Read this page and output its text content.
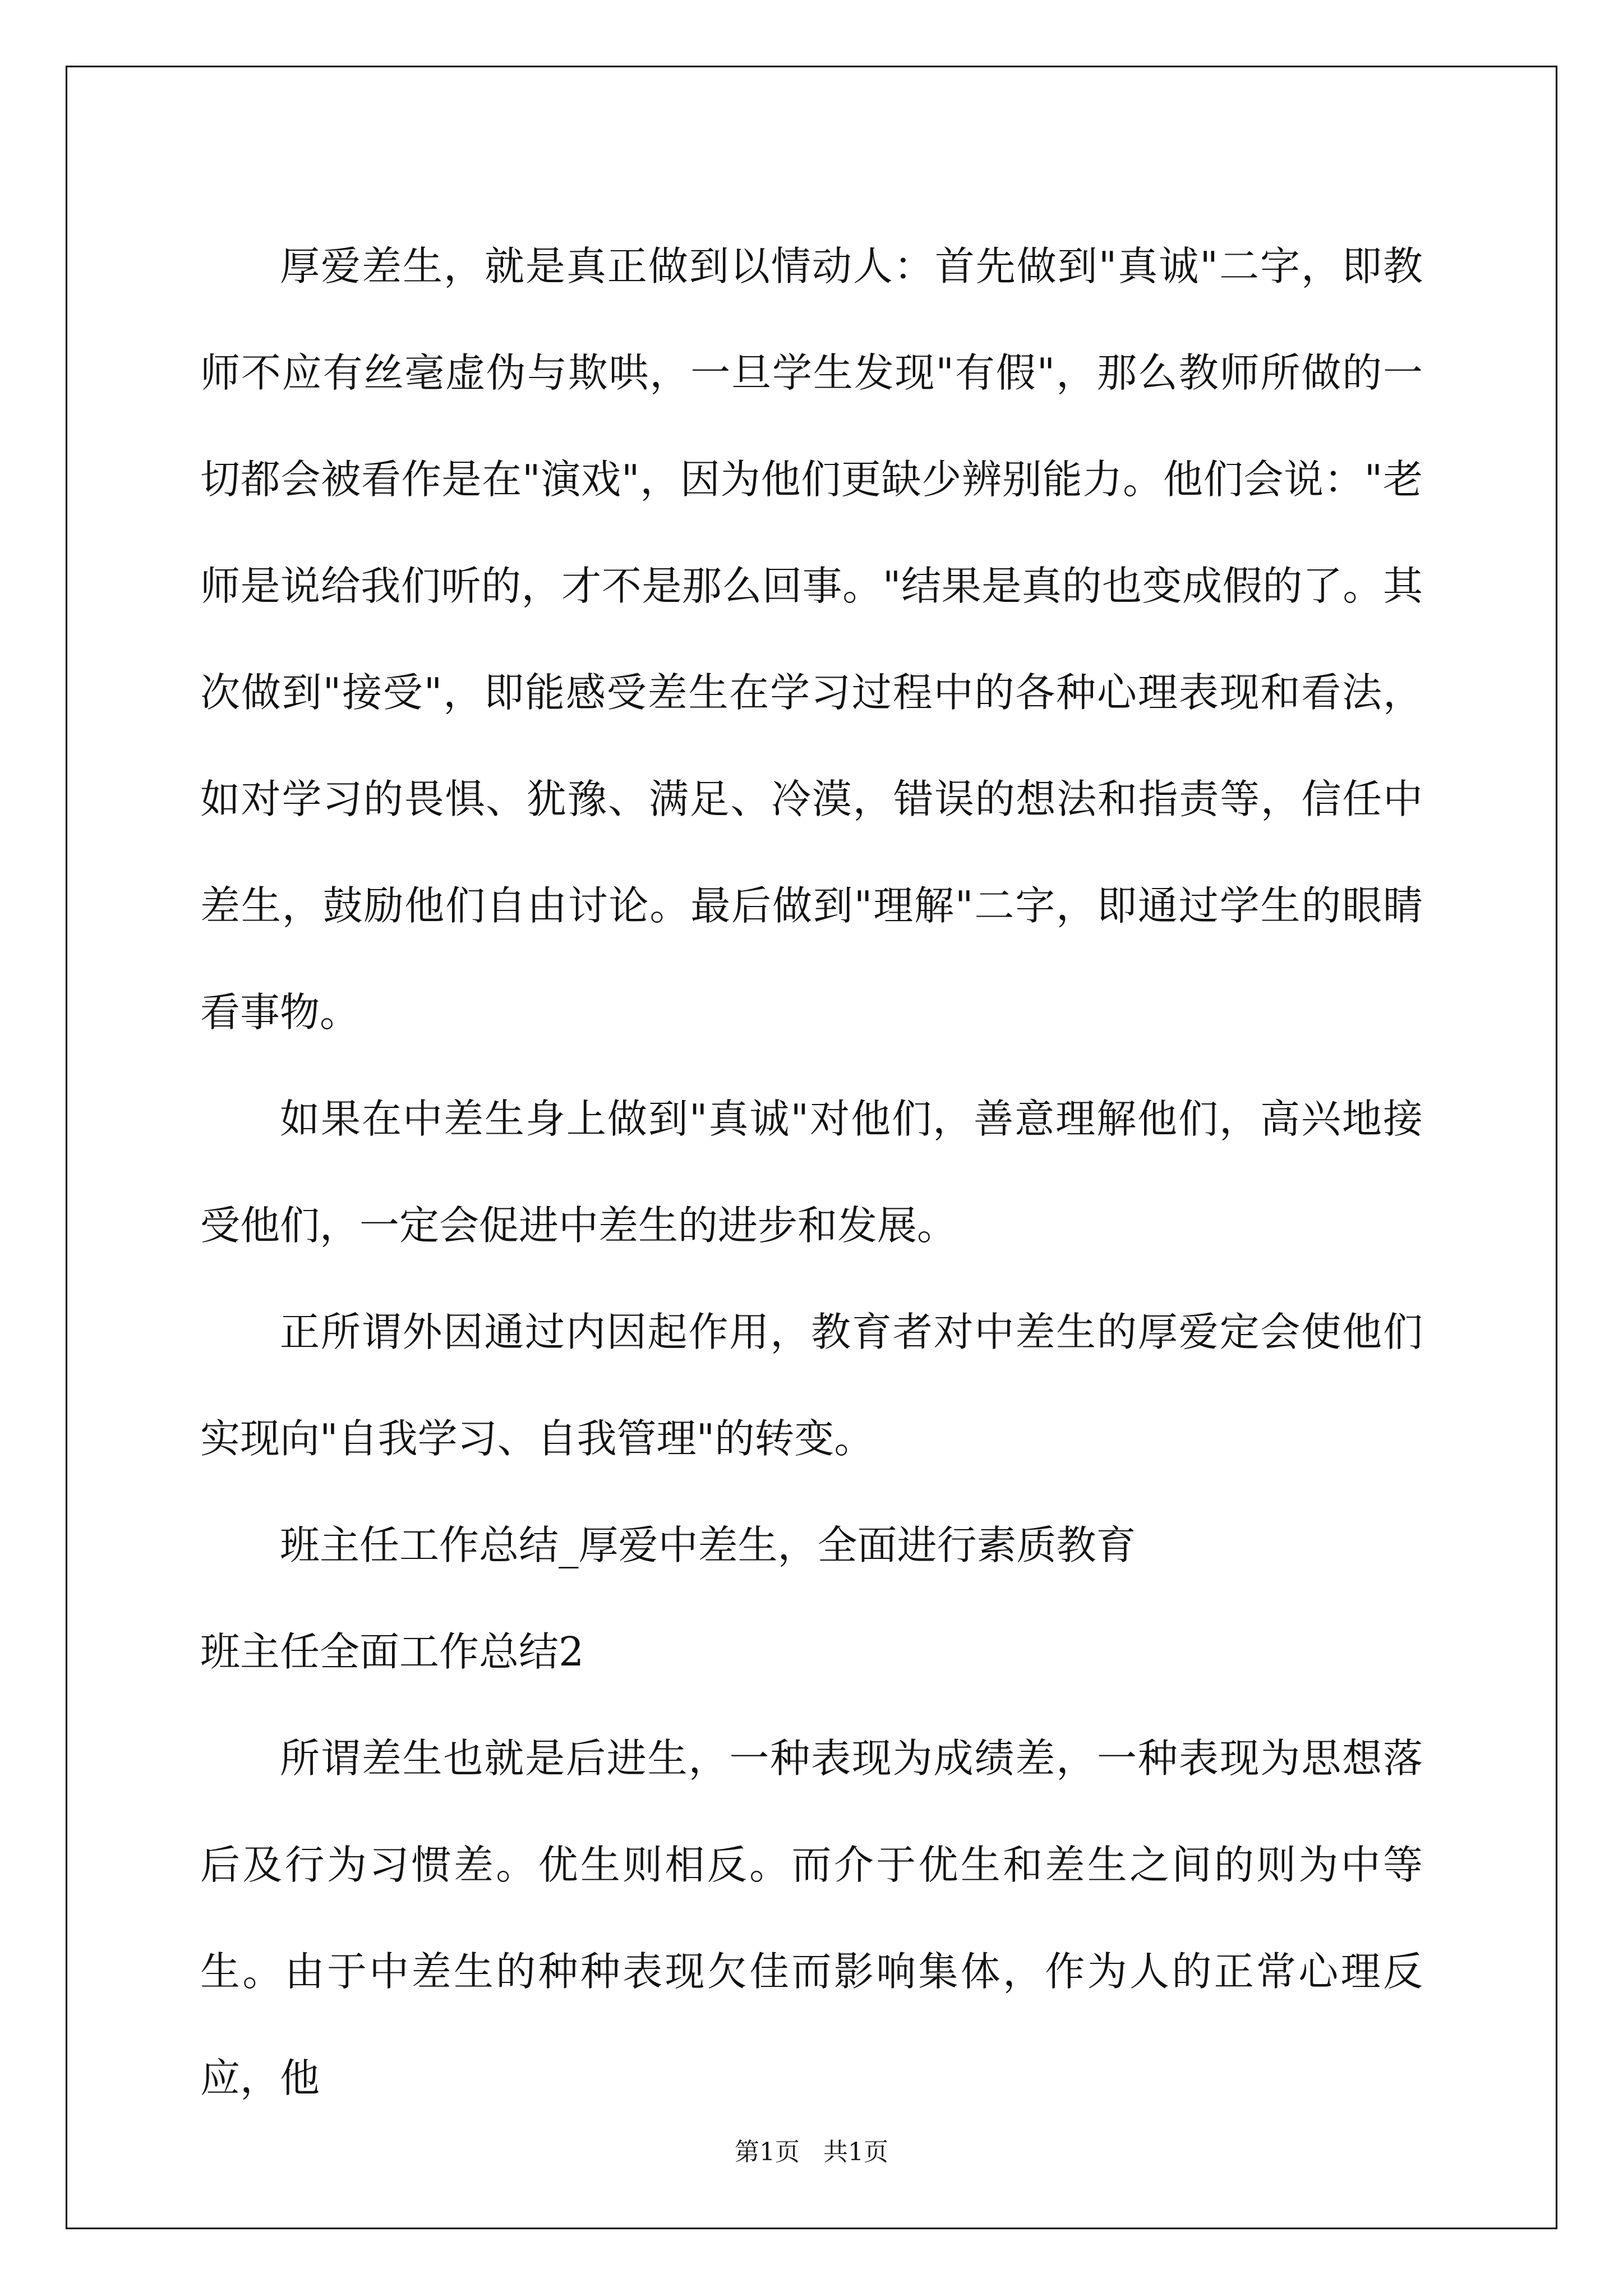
厚爱差生，就是真正做到以情动人：首先做到"真诚"二字，即教师不应有丝毫虚伪与欺哄，一旦学生发现"有假"，那么教师所做的一切都会被看作是在"演戏"，因为他们更缺少辨别能力。他们会说："老师是说给我们听的，才不是那么回事。"结果是真的也变成假的了。其次做到"接受"，即能感受差生在学习过程中的各种心理表现和看法，如对学习的畏惧、犹豫、满足、冷漠，错误的想法和指责等，信任中差生，鼓励他们自由讨论。最后做到"理解"二字，即通过学生的眼睛看事物。

如果在中差生身上做到"真诚"对他们，善意理解他们，高兴地接受他们，一定会促进中差生的进步和发展。

正所谓外因通过内因起作用，教育者对中差生的厚爱定会使他们实现向"自我学习、自我管理"的转变。

班主任工作总结_厚爱中差生，全面进行素质教育

班主任全面工作总结2

所谓差生也就是后进生，一种表现为成绩差，一种表现为思想落后及行为习惯差。优生则相反。而介于优生和差生之间的则为中等生。由于中差生的种种表现欠佳而影响集体，作为人的正常心理反应，他

第1页   共1页
